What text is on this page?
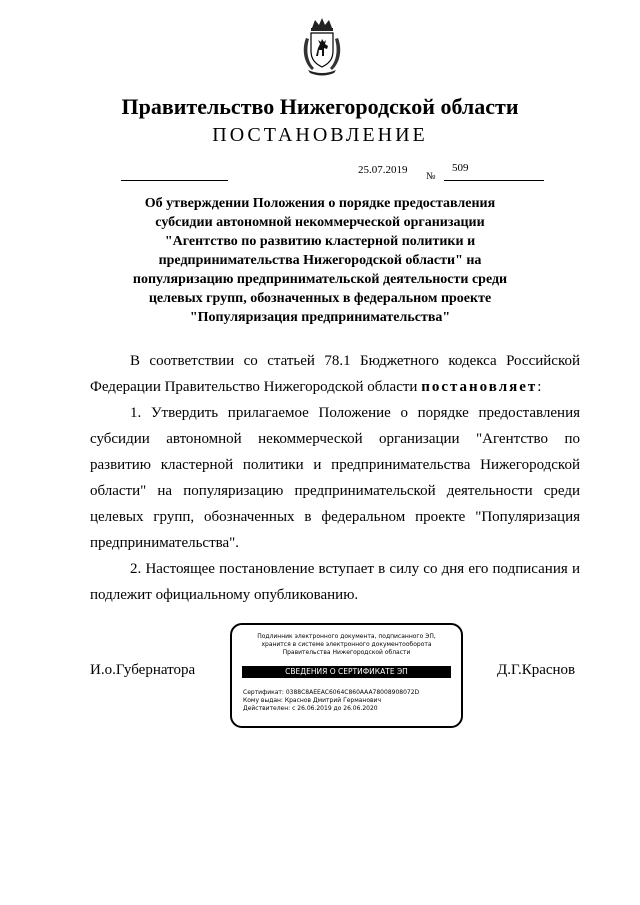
Правительство Нижегородской области
ПОСТАНОВЛЕНИЕ
25.07.2019
№
509
Об утверждении Положения о порядке предоставления
субсидии автономной некоммерческой организации
"Агентство по развитию кластерной политики и
предпринимательства Нижегородской области" на
популяризацию предпринимательской деятельности среди
целевых групп, обозначенных в федеральном проекте
"Популяризация предпринимательства"

В соответствии со статьей 78.1 Бюджетного кодекса Российской Федерации Правительство Нижегородской области постановляет:

1. Утвердить прилагаемое Положение о порядке предоставления субсидии автономной некоммерческой организации "Агентство по развитию кластерной политики и предпринимательства Нижегородской области" на популяризацию предпринимательской деятельности среди целевых групп, обозначенных в федеральном проекте "Популяризация предпринимательства".

2. Настоящее постановление вступает в силу со дня его подписания и подлежит официальному опубликованию.

И.о.Губернатора
Подлинник электронного документа, подписанного ЭП,
хранится в системе электронного документооборота
Правительства Нижегородской области
СВЕДЕНИЯ О СЕРТИФИКАТЕ ЭП
Сертификат: 0388C8AEEAC6064C860AAA78008908072D
Кому выдан: Краснов Дмитрий Германович
Действителен: с 26.06.2019 до 26.06.2020
Д.Г.Краснов
